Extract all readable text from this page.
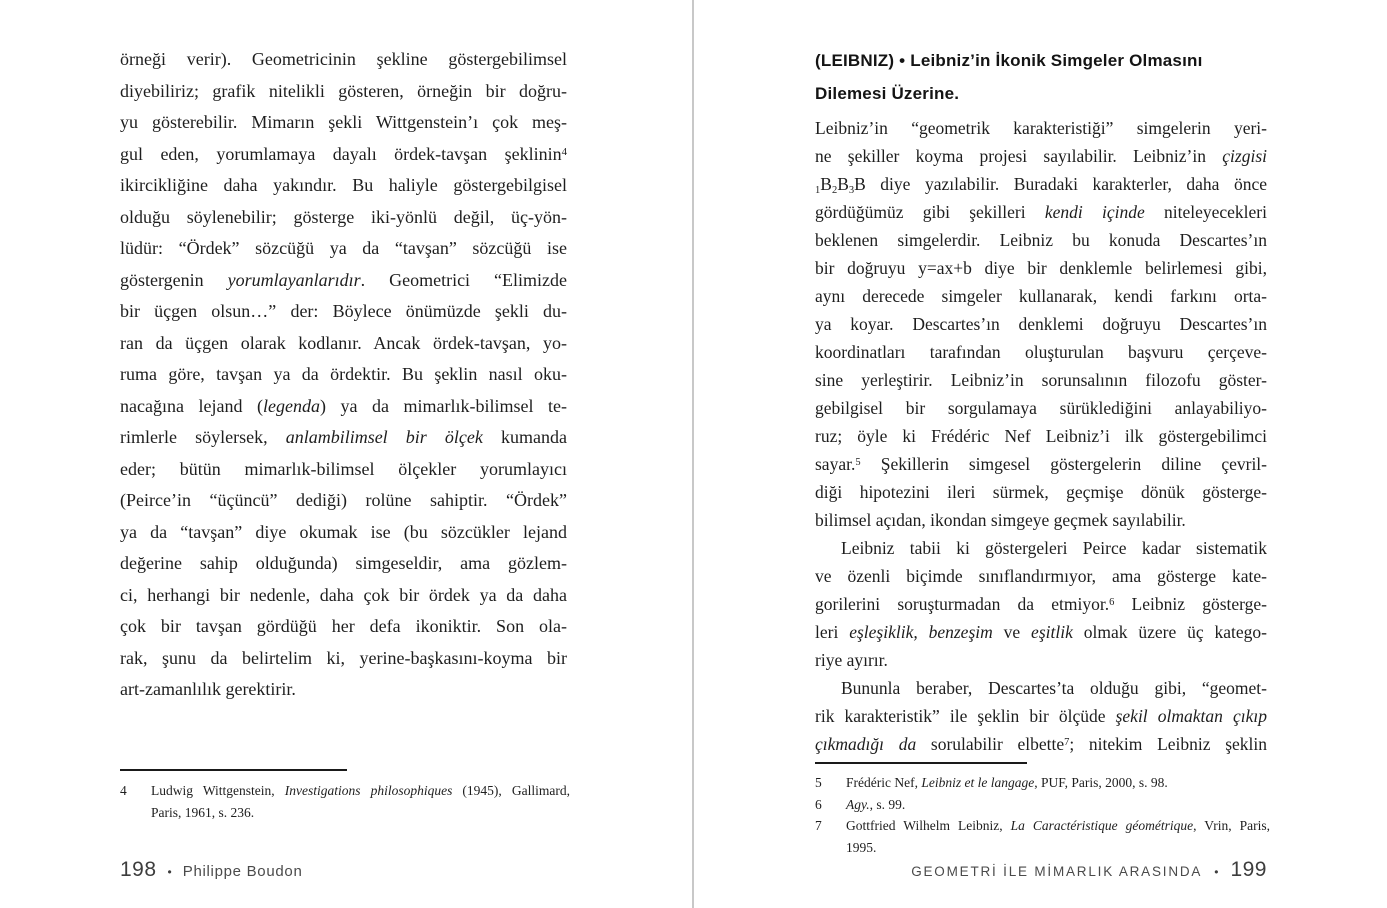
örneği verir). Geometricinin şekline göstergebilimsel
diyebiliriz; grafik nitelikli gösteren, örneğin bir doğru-
yu gösterebilir. Mimarın şekli Wittgenstein’ı çok meş-
gul eden, yorumlamaya dayalı ördek-tavşan şeklinin$^4$
ikircikliğine daha yakındır. Bu haliyle göstergebilgisel
olduğu söylenebilir; gösterge iki-yönlü değil, üç-yön-
lüdür: “Ördek” sözcüğü ya da “tavşan” sözcüğü ise
göstergenin yorumlayanlarıdır. Geometrici “Elimizde
bir üçgen olsun…” der: Böylece önümüzde şekli du-
ran da üçgen olarak kodlanır. Ancak ördek-tavşan, yo-
ruma göre, tavşan ya da ördektir. Bu şeklin nasıl oku-
nacağına lejand (legenda) ya da mimarlık-bilimsel te-
rimlerle söylersek, anlambilimsel bir ölçek kumanda
eder; bütün mimarlık-bilimsel ölçekler yorumlayıcı
(Peirce’in “üçüncü” dediği) rolüne sahiptir. “Ördek”
ya da “tavşan” diye okumak ise (bu sözcükler lejand
değerine sahip olduğunda) simgeseldir, ama gözlem-
ci, herhangi bir nedenle, daha çok bir ördek ya da daha
çok bir tavşan gördüğü her defa ikoniktir. Son ola-
rak, şunu da belirtelim ki, yerine-başkasını-koyma bir
art-zamanlılık gerektirir.
4	Ludwig Wittgenstein, Investigations philosophiques (1945), Gallimard, Paris, 1961, s. 236.
198 • Philippe Boudon
(LEIBNIZ) • Leibniz’in İkonik Simgeler Olmasını
Dilemesi Üzerine.
Leibniz’in “geometrik karakteristiği” simgelerin yeri-
ne şekiller koyma projesi sayılabilir. Leibniz’in çizgisi
$_1B_2B_3B$ diye yazılabilir. Buradaki karakterler, daha önce
gördüğümüz gibi şekilleri kendi içinde niteleyecekleri
beklenen simgelerdir. Leibniz bu konuda Descartes’ın
bir doğruyu y=ax+b diye bir denklemle belirlemesi gibi,
aynı derecede simgeler kullanarak, kendi farkını orta-
ya koyar. Descartes’ın denklemi doğruyu Descartes’ın
koordinatları tarafından oluşturulan başvuru çerçeve-
sine yerleştirir. Leibniz’in sorunsalının filozofu göster-
gebilgisel bir sorgulamaya sürüklediğini anlayabiliyo-
ruz; öyle ki Frédéric Nef Leibniz’i ilk göstergebilimci
sayar.$^5$ Şekillerin simgesel göstergelerin diline çevril-
diği hipotezini ileri sürmek, geçmişe dönük gösterge-
bilimsel açıdan, ikondan simgeye geçmek sayılabilir.
Leibniz tabii ki göstergeleri Peirce kadar sistematik
ve özenli biçimde sınıflandırmıyor, ama gösterge kate-
gorilerini soruşturmadan da etmiyor.$^6$ Leibniz gösterge-
leri eşleşiklik, benzeşim ve eşitlik olmak üzere üç katego-
riye ayırır.
Bununla beraber, Descartes’ta olduğu gibi, “geomet-
rik karakteristik” ile şeklin bir ölçüde şekil olmaktan çıkıp
çıkmadığı da sorulabilir elbette$^7$; nitekim Leibniz şeklin
5	Frédéric Nef, Leibniz et le langage, PUF, Paris, 2000, s. 98.
6	Agy., s. 99.
7	Gottfried Wilhelm Leibniz, La Caractéristique géométrique, Vrin, Paris, 1995.
GEOMETRİ İLE MİMARLIK ARASINDA • 199
